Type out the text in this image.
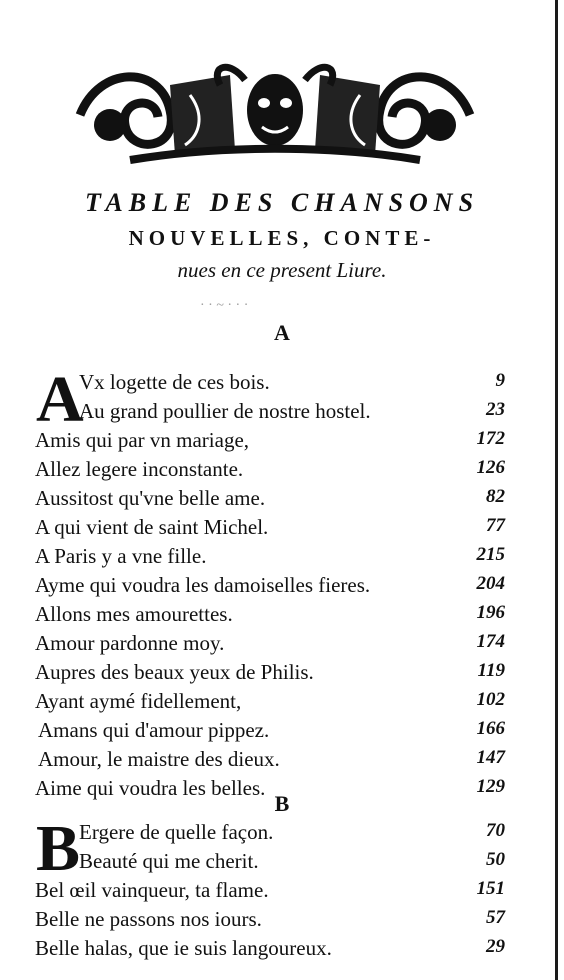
TABLE DES CHANSONS
NOUVELLES, CONTE-
nues en ce present Liure.
· · ~ · · ·
A
A
Vx logette de ces bois.	9
Au grand poullier de nostre hostel.	23
Amis qui par vn mariage,	172
Allez legere inconstante.	126
Aussitost qu'vne belle ame.	82
A qui vient de saint Michel.	77
A Paris y a vne fille.	215
Ayme qui voudra les damoiselles fieres.	204
Allons mes amourettes.	196
Amour pardonne moy.	174
Aupres des beaux yeux de Philis.	119
Ayant aymé fidellement,	102
Amans qui d'amour pippez.	166
Amour, le maistre des dieux.	147
Aime qui voudra les belles.	129
B
B
Ergere de quelle façon.	70
Beauté qui me cherit.	50
Bel œil vainqueur, ta flame.	151
Belle ne passons nos iours.	57
Belle halas, que ie suis langoureux.	29
